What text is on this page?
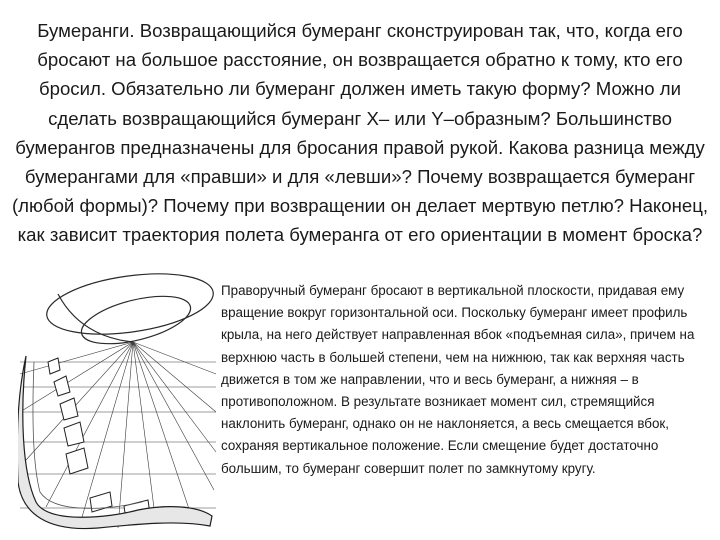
Бумеранги. Возвращающийся бумеранг сконструирован так, что, когда его бросают на большое расстояние, он возвращается обратно к тому, кто его бросил. Обязательно ли бумеранг должен иметь такую форму? Можно ли сделать возвращающийся бумеранг X– или Y–образным? Большинство бумерангов предназначены для бросания правой рукой. Какова разница между бумерангами для «правши» и для «левши»? Почему возвращается бумеранг (любой формы)? Почему при возвращении он делает мертвую петлю? Наконец, как зависит траектория полета бумеранга от его ориентации в момент броска?

Праворучный бумеранг бросают в вертикальной плоскости, придавая ему вращение вокруг горизонтальной оси. Поскольку бумеранг имеет профиль крыла, на него действует направленная вбок «подъемная сила», причем на верхнюю часть в большей степени, чем на нижнюю, так как верхняя часть движется в том же направлении, что и весь бумеранг, а нижняя – в противоположном. В результате возникает момент сил, стремящийся наклонить бумеранг, однако он не наклоняется, а весь смещается вбок, сохраняя вертикальное положение. Если смещение будет достаточно большим, то бумеранг совершит полет по замкнутому кругу.
